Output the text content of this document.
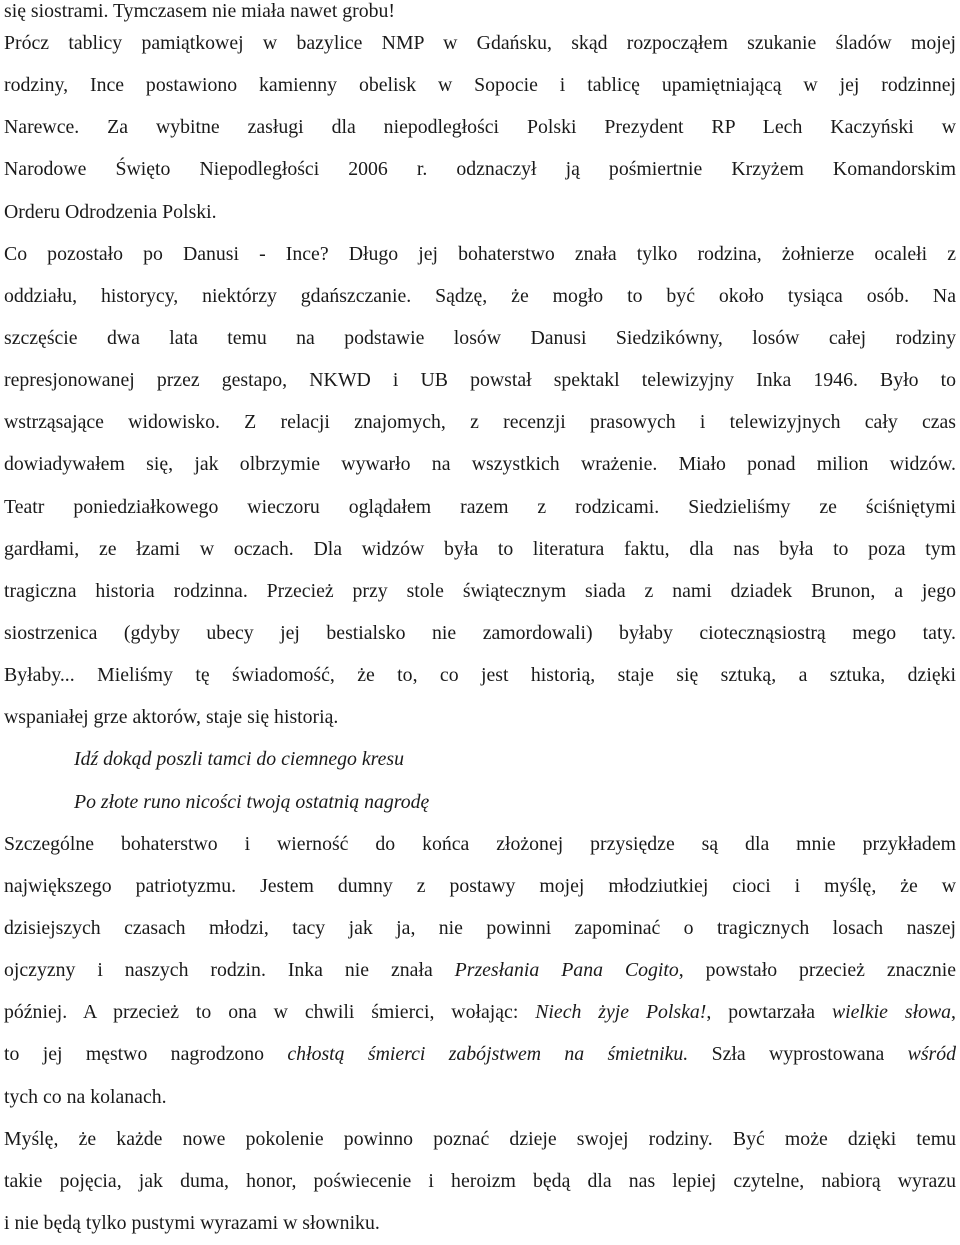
się siostrami. Tymczasem nie miała nawet grobu!
Prócz tablicy pamiątkowej w bazylice NMP w Gdańsku, skąd rozpocząłem szukanie śladów mojej
rodziny, Ince postawiono kamienny obelisk w Sopocie i tablicę upamiętniającą w jej rodzinnej
Narewce. Za wybitne zasługi dla niepodległości Polski Prezydent RP Lech Kaczyński w
Narodowe Święto Niepodległości 2006 r. odznaczył ją pośmiertnie Krzyżem Komandorskim
Orderu Odrodzenia Polski.
Co pozostało po Danusi - Ince? Długo jej bohaterstwo znała tylko rodzina, żołnierze ocalełi z
oddziału, historycy, niektórzy gdańszczanie. Sądzę, że mogło to być około tysiąca osób. Na
szczęście dwa lata temu na podstawie losów Danusi Siedzikówny, losów całej rodziny
represjonowanej przez gestapo, NKWD i UB powstał spektakl telewizyjny Inka 1946. Było to
wstrząsające widowisko. Z relacji znajomych, z recenzji prasowych i telewizyjnych cały czas
dowiadywałem się, jak olbrzymie wywarło na wszystkich wrażenie. Miało ponad milion widzów.
Teatr poniedziałkowego wieczoru oglądałem razem z rodzicami. Siedzieliśmy ze ściśniętymi
gardłami, ze łzami w oczach. Dla widzów była to literatura faktu, dla nas była to poza tym
tragiczna historia rodzinna. Przecież przy stole świątecznym siada z nami dziadek Brunon, a jego
siostrzenica (gdyby ubecy jej bestialsko nie zamordowali) byłaby ciotecznąsiostrą mego taty.
Byłaby... Mieliśmy tę świadomość, że to, co jest historią, staje się sztuką, a sztuka, dzięki
wspaniałej grze aktorów, staje się historią.
Idź dokąd poszli tamci do ciemnego kresu
Po złote runo nicości twoją ostatnią nagrodę
Szczególne bohaterstwo i wierność do końca złożonej przysiędze są dla mnie przykładem
największego patriotyzmu. Jestem dumny z postawy mojej młodziutkiej cioci i myślę, że w
dzisiejszych czasach młodzi, tacy jak ja, nie powinni zapominać o tragicznych losach naszej
ojczyzny i naszych rodzin. Inka nie znała Przesłania Pana Cogito, powstało przecież znacznie
później. A przecież to ona w chwili śmierci, wołając: Niech żyje Polska!, powtarzała wielkie słowa,
to jej męstwo nagrodzono chłostą śmierci zabójstwem na śmietniku. Szła wyprostowana wśród
tych co na kolanach.
Myślę, że każde nowe pokolenie powinno poznać dzieje swojej rodziny. Być może dzięki temu
takie pojęcia, jak duma, honor, poświecenie i heroizm będą dla nas lepiej czytelne, nabiorą wyrazu
i nie będą tylko pustymi wyrazami w słowniku.
